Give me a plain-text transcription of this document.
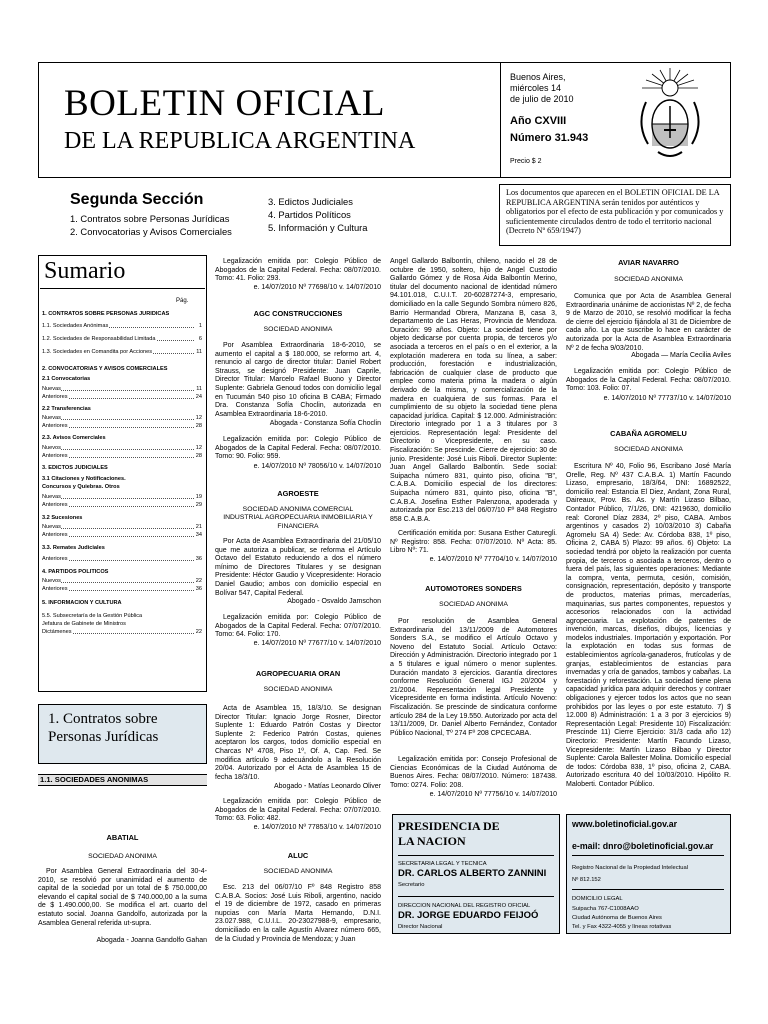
BOLETIN OFICIAL
DE LA REPUBLICA ARGENTINA
Buenos Aires,
miércoles 14
de julio de 2010
Año CXVIII
Número 31.943
Precio $ 2
Segunda Sección
1. Contratos sobre Personas Jurídicas
2. Convocatorias y Avisos Comerciales
3. Edictos Judiciales
4. Partidos Políticos
5. Información y Cultura
Los documentos que aparecen en el BOLETIN OFICIAL DE LA REPUBLICA ARGENTINA serán tenidos por auténticos y obligatorios por el efecto de esta publicación y por comunicados y suficientemente circulados dentro de todo el territorio nacional (Decreto Nº 659/1947)
Sumario
Pág.
1. CONTRATOS SOBRE PERSONAS JURIDICAS
1.1. Sociedades Anónimas	1
1.2. Sociedades de Responsabilidad Limitada	6
1.3. Sociedades en Comandita por Acciones	11
2. CONVOCATORIAS Y AVISOS COMERCIALES
2.1 Convocatorias
Nuevas	11
Anteriores	24
2.2 Transferencias
Nuevas	12
Anteriores	28
2.3. Avisos Comerciales
Nuevos	12
Anteriores	28
3. EDICTOS JUDICIALES
3.1 Citaciones y Notificaciones.
Concursos y Quiebras. Otros
Nuevas	19
Anteriores	29
3.2 Sucesiones
Nuevas	21
Anteriores	34
3.3. Remates Judiciales
Anteriores	36
4. PARTIDOS POLITICOS
Nuevos	22
Anteriores	36
5. INFORMACION Y CULTURA
5.5. Subsecretaría de la Gestión Pública
Jefatura de Gabinete de Ministros
Dictámenes	22
1. Contratos sobre
Personas Jurídicas
1.1. SOCIEDADES ANONIMAS
ABATIAL
SOCIEDAD ANONIMA
Por Asamblea General Extraordinaria del 30-4-2010, se resolvió por unanimidad el aumento de capital de la sociedad por un total de $ 750.000,00 elevando el capital social de $ 740.000,00 a la suma de $ 1.490.000,00. Se modifica el art. cuarto del estatuto social. Joanna Gandolfo, autorizada por la Asamblea General referida ut-supra.
Abogada - Joanna Gandolfo Gahan
Legalización emitida por: Colegio Público de Abogados de la Capital Federal. Fecha: 08/07/2010. Tomo: 41. Folio: 293.
e. 14/07/2010 Nº 77698/10 v. 14/07/2010
AGC CONSTRUCCIONES
SOCIEDAD ANONIMA
Por Asamblea Extraordinaria 18-6-2010, se aumento el capital a $ 180.000, se reformo art. 4, renuncio al cargo de director titular: Daniel Robert Strauss, se designó Presidente: Juan Caprile, Director Titular: Marcelo Rafael Buono y Director Suplente: Gabriela Genoud todos con domicilio legal en Tucumán 540 piso 10 oficina B CABA; Firmado Dra. Constanza Sofía Choclin, autorizada en Asamblea Extraordinaria 18-6-2010.
Abogada - Constanza Sofía Choclin
Legalización emitida por: Colegio Público de Abogados de la Capital Federal. Fecha: 08/07/2010. Tomo: 90. Folio: 959.
e. 14/07/2010 Nº 78056/10 v. 14/07/2010
AGROESTE
SOCIEDAD ANONIMA COMERCIAL INDUSTRIAL AGROPECUARIA INMOBILIARIA Y FINANCIERA
Por Acta de Asamblea Extraordinaria del 21/05/10 que me autoriza a publicar, se reforma el Artículo Octavo del Estatuto reduciendo a dos el número mínimo de Directores Titulares y se designan Presidente: Héctor Gaudio y Vicepresidente: Horacio Daniel Gaudio; ambos con domicilio especial en Bolívar 547, Capital Federal.
Abogado - Osvaldo Jamschon
Legalización emitida por: Colegio Público de Abogados de la Capital Federal. Fecha: 07/07/2010. Tomo: 64. Folio: 170.
e. 14/07/2010 Nº 77677/10 v. 14/07/2010
AGROPECUARIA ORAN
SOCIEDAD ANONIMA
Acta de Asamblea 15, 18/3/10. Se designan Director Titular: Ignacio Jorge Rosner, Director Suplente 1: Eduardo Patrón Costas y Director Suplente 2: Federico Patrón Costas, quienes aceptaron los cargos, todos domicilio especial en Charcas Nº 4708, Piso 1º, Of. A, Cap. Fed. Se modifica artículo 9 adecuándolo a la Resolución 20/04. Autorizado por el Acta de Asamblea 15 de fecha 18/3/10.
Abogado - Matías Leonardo Oliver
Legalización emitida por: Colegio Público de Abogados de la Capital Federal. Fecha: 07/07/2010. Tomo: 63. Folio: 482.
e. 14/07/2010 Nº 77853/10 v. 14/07/2010
ALUC
SOCIEDAD ANONIMA
Esc. 213 del 06/07/10 Fº 848 Registro 858 C.A.B.A. Socios: José Luis Riboli, argentino, nacido el 19 de diciembre de 1972, casado en primeras nupcias con María Marta Hernando, D.N.I. 23.027.988, C.U.I.L. 20-23027988-9, empresario, domiciliado en la calle Agustín Alvarez número 665, de la Ciudad y Provincia de Mendoza; y Juan
Angel Gallardo Balbontín, chileno, nacido el 28 de octubre de 1950, soltero, hijo de Angel Custodio Gallardo Gómez y de Rosa Aida Balbontín Merino, titular del documento nacional de identidad número 94.101.018, C.U.I.T. 20-60287274-3, empresario, domiciliado en la calle Segundo Sombra número 826, Barrio Hermandad Obrera, Manzana B, casa 3, departamento de Las Heras, Provincia de Mendoza. Duración: 99 años. Objeto: La sociedad tiene por objeto dedicarse por cuenta propia, de terceros y/o asociada a terceros en el país o en el exterior, a la explotación maderera en toda su línea, a saber: producción, forestación e industrialización, fabricación de cualquier clase de producto que emplee como materia prima la madera o algún derivado de la misma, y comercialización de la madera en cualquiera de sus formas. Para el cumplimiento de su objeto la sociedad tiene plena capacidad jurídica. Capital: $ 12.000. Administración: Directorio integrado por 1 a 3 titulares por 3 ejercicios. Representación legal: Presidente del Directorio o Vicepresidente, en su caso. Fiscalización: Se prescinde. Cierre de ejercicio: 30 de junio. Presidente: José Luis Riboli. Director Suplente: Juan Angel Gallardo Balbontín. Sede social: Suipacha número 831, quinto piso, oficina "B", C.A.B.A. Domicilio especial de los directores: Suipacha número 831, quinto piso, oficina "B", C.A.B.A. Josefina Esther Palenzona, apoderada y autorizada por Esc.213 del 06/07/10 Fº 848 Registro 858 C.A.B.A.
Certificación emitida por: Susana Esther Caturegli. Nº Registro: 858. Fecha: 07/07/2010. Nº Acta: 85. Libro Nº: 71.
e. 14/07/2010 Nº 77704/10 v. 14/07/2010
AUTOMOTORES SONDERS
SOCIEDAD ANONIMA
Por resolución de Asamblea General Extraordinaria del 13/11/2009 de Automotores Sonders S.A., se modifico el Artículo Octavo y Noveno del Estatuto Social. Artículo Octavo: Dirección y Administración. Directorio integrado por 1 a 5 titulares e igual número o menor suplentes. Duración mandato 3 ejercicios. Garantía directores conforme Resolución General IGJ 20/2004 y 21/2004. Representación legal Presidente y Vicepresidente en forma indistinta. Artículo Noveno: Fiscalización. Se prescinde de sindicatura conforme artículo 284 de la Ley 19.550. Autorizado por acta del 13/11/2009, Dr. Daniel Alberto Fernández, Contador Público Nacional, Tº 274 Fº 208 CPCECABA.
Legalización emitida por: Consejo Profesional de Ciencias Económicas de la Ciudad Autónoma de Buenos Aires. Fecha: 08/07/2010. Número: 187438. Tomo: 0274. Folio: 208.
e. 14/07/2010 Nº 77756/10 v. 14/07/2010
PRESIDENCIA DE
LA NACION
SECRETARIA LEGAL Y TECNICA
DR. CARLOS ALBERTO ZANNINI
Secretario
DIRECCION NACIONAL DEL REGISTRO OFICIAL
DR. JORGE EDUARDO FEIJOÓ
Director Nacional
AVIAR NAVARRO
SOCIEDAD ANONIMA
Comunica que por Acta de Asamblea General Extraordinaria unánime de accionistas Nº 2, de fecha 9 de Marzo de 2010, se resolvió modificar la fecha de cierre del ejercicio fijándola al 31 de Diciembre de cada año. La que suscribe lo hace en carácter de autorizada por la Acta de Asamblea Extraordinaria Nº 2 de fecha 9/03/2010.
Abogada — María Cecilia Aviles
Legalización emitida por: Colegio Público de Abogados de la Capital Federal. Fecha: 08/07/2010. Tomo: 103. Folio: 07.
e. 14/07/2010 Nº 77737/10 v. 14/07/2010
CABAÑA AGROMELU
SOCIEDAD ANONIMA
Escritura Nº 40, Folio 96, Escribano José María Orelle, Reg. Nº 437 C.A.B.A. 1) Martín Facundo Lizaso, empresario, 18/3/64, DNI: 16892522, domicilio real: Estancia El Diez, Andant, Zona Rural, Daireaux, Prov. Bs. As. y Martín Lizaso Bilbao, Contador Público, 7/1/26, DNI: 4219630, domicilio real: Coronel Díaz 2834, 2º piso, CABA. Ambos argentinos y casados 2) 10/03/2010 3) Cabaña Agromelu SA 4) Sede: Av. Córdoba 838, 1º piso, Oficina 2, CABA 5) Plazo: 99 años. 6) Objeto: La sociedad tendrá por objeto la realización por cuenta propia, de terceros o asociada a terceros, dentro o fuera del país, las siguientes operaciones: Mediante la compra, venta, permuta, cesión, comisión, consignación, representación, depósito y transporte de productos, materias primas, mercaderías, maquinarias, sus partes componentes, repuestos y accesorios relacionados con la actividad agropecuaria. La explotación de patentes de invención, marcas, diseños, dibujos, licencias y modelos industriales. Importación y exportación. Por la explotación en todas sus formas de establecimientos agrícola-ganaderos, frutícolas y de granjas, establecimientos de estancias para invernadas y cría de ganados, tambos y cabañas. La forestación y reforestación. La sociedad tiene plena capacidad jurídica para adquirir derechos y contraer obligaciones y ejercer todos los actos que no sean prohibidos por las leyes o por este estatuto. 7) $ 12.000 8) Administración: 1 a 3 por 3 ejercicios 9) Representación Legal: Presidente 10) Fiscalización: Prescinde 11) Cierre Ejercicio: 31/3 cada año 12) Directorio: Presidente: Martín Facundo Lizaso, Vicepresidente: Martín Lizaso Bilbao y Director Suplente: Carola Ballester Molina. Domicilio especial de todos: Córdoba 838, 1º piso, oficina 2, CABA. Autorizado escritura 40 del 10/03/2010. Hipólito R. Maloberti. Contador Público.
www.boletinoficial.gov.ar
e-mail: dnro@boletinoficial.gov.ar
Registro Nacional de la Propiedad Intelectual
Nº 812.152
DOMICILIO LEGAL
Suipacha 767-C1008AAO
Ciudad Autónoma de Buenos Aires
Tel. y Fax 4322-4055 y líneas rotativas
